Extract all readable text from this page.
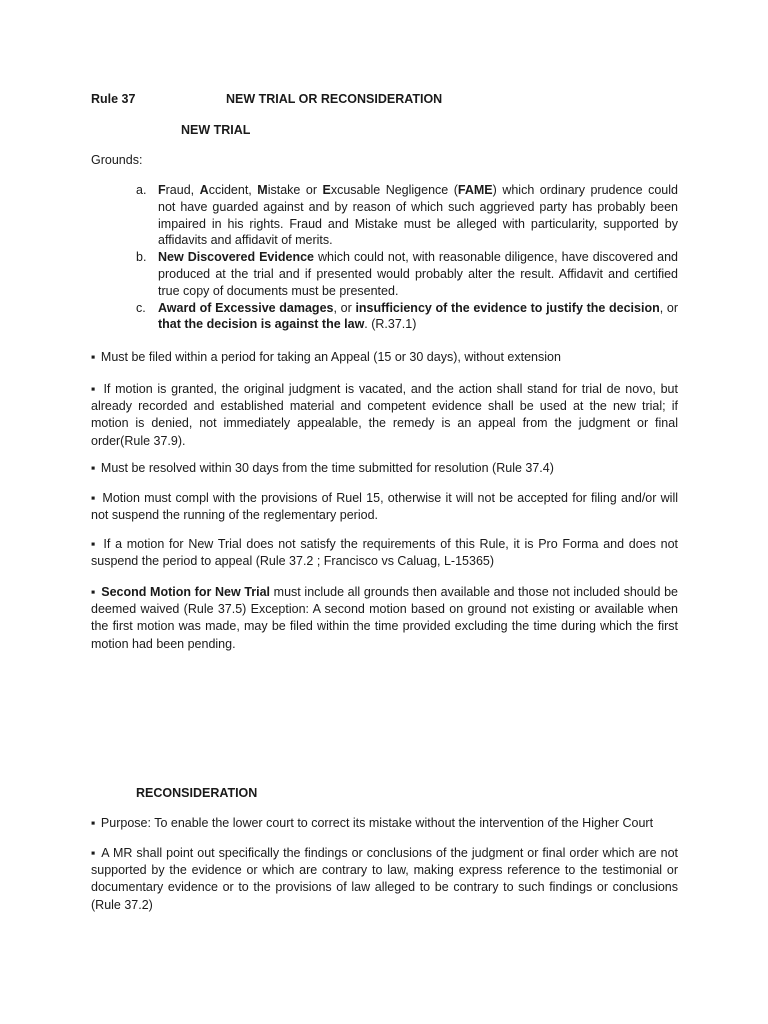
Rule 37	NEW TRIAL OR RECONSIDERATION
NEW TRIAL
Grounds:
a. Fraud, Accident, Mistake or Excusable Negligence (FAME) which ordinary prudence could not have guarded against and by reason of which such aggrieved party has probably been impaired in his rights. Fraud and Mistake must be alleged with particularity, supported by affidavits and affidavit of merits.
b. New Discovered Evidence which could not, with reasonable diligence, have discovered and produced at the trial and if presented would probably alter the result. Affidavit and certified true copy of documents must be presented.
c. Award of Excessive damages, or insufficiency of the evidence to justify the decision, or that the decision is against the law. (R.37.1)

▪ Must be filed within a period for taking an Appeal (15 or 30 days), without extension

▪ If motion is granted, the original judgment is vacated, and the action shall stand for trial de novo, but already recorded and established material and competent evidence shall be used at the new trial; if motion is denied, not immediately appealable, the remedy is an appeal from the judgment or final order(Rule 37.9).

▪ Must be resolved within 30 days from the time submitted for resolution (Rule 37.4)

▪ Motion must compl with the provisions of Ruel 15, otherwise it will not be accepted for filing and/or will not suspend the running of the reglementary period.

▪ If a motion for New Trial does not satisfy the requirements of this Rule, it is Pro Forma and does not suspend the period to appeal (Rule 37.2 ; Francisco vs Caluag, L-15365)

▪ Second Motion for New Trial must include all grounds then available and those not included should be deemed waived (Rule 37.5) Exception: A second motion based on ground not existing or available when the first motion was made, may be filed within the time provided excluding the time during which the first motion had been pending.

RECONSIDERATION

▪ Purpose: To enable the lower court to correct its mistake without the intervention of the Higher Court

▪ A MR shall point out specifically the findings or conclusions of the judgment or final order which are not supported by the evidence or which are contrary to law, making express reference to the testimonial or documentary evidence or to the provisions of law alleged to be contrary to such findings or conclusions (Rule 37.2)
